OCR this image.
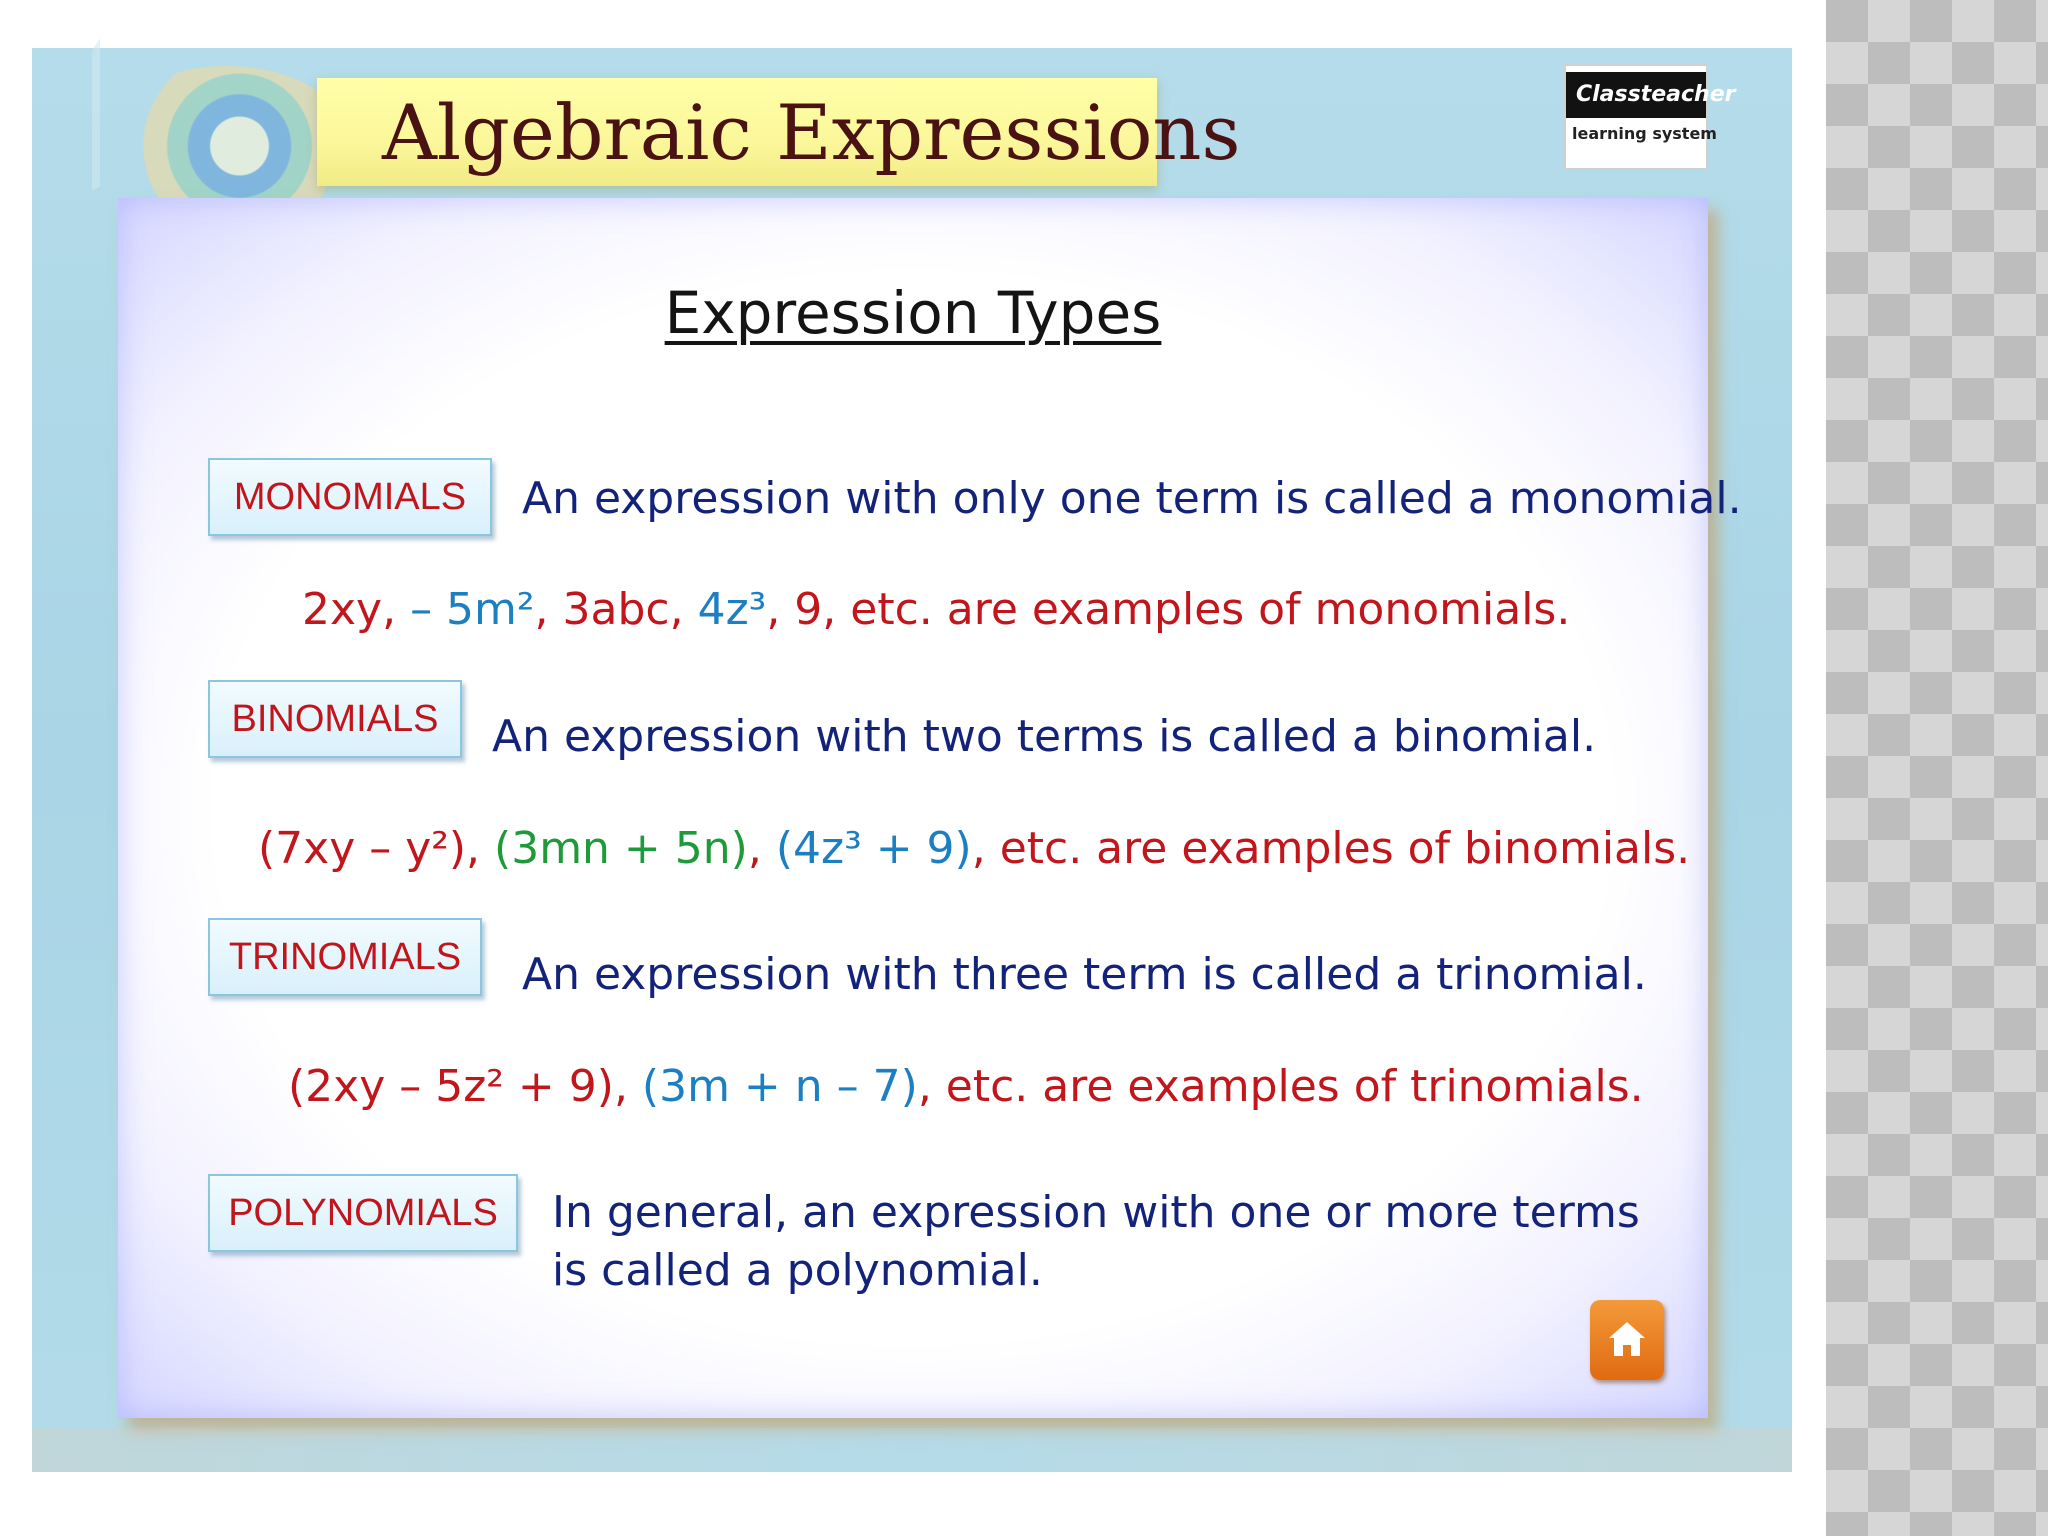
Algebraic Expressions	Classteacher
learning system
Expression Types
MONOMIALS	An expression with only one term is called a monomial.
2xy, – 5m², 3abc, 4z³, 9, etc. are examples of monomials.
BINOMIALS	An expression with two terms is called a binomial.
(7xy – y²), (3mn + 5n), (4z³ + 9), etc. are examples of binomials.
TRINOMIALS	An expression with three term is called a trinomial.
(2xy – 5z² + 9), (3m + n – 7), etc. are examples of trinomials.
POLYNOMIALS	In general, an expression with one or more terms
is called a polynomial.
